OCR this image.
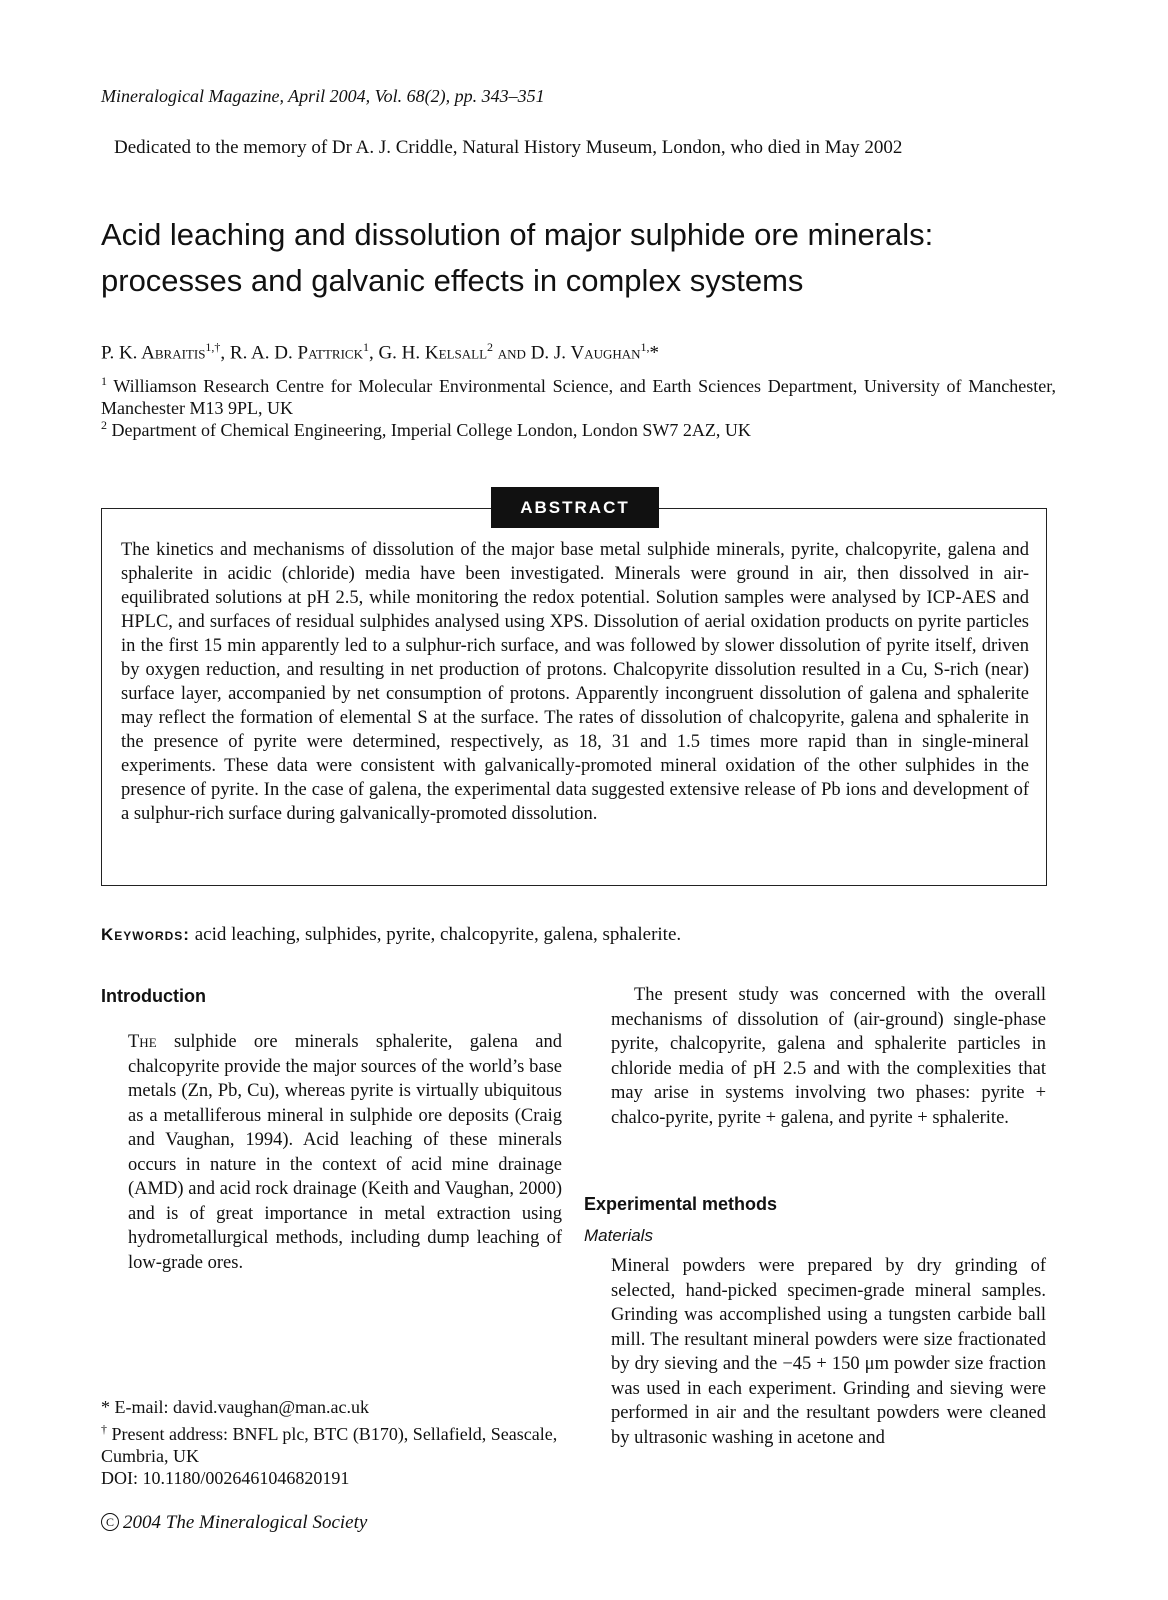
Mineralogical Magazine, April 2004, Vol. 68(2), pp. 343–351
Dedicated to the memory of Dr A. J. Criddle, Natural History Museum, London, who died in May 2002
Acid leaching and dissolution of major sulphide ore minerals:
processes and galvanic effects in complex systems
P. K. Abraitis$^{1,\dagger}$, R. A. D. Pattrick$^1$, G. H. Kelsall$^2$ and D. J. Vaughan$^{1,}$*
$^1$ Williamson Research Centre for Molecular Environmental Science, and Earth Sciences Department, University of Manchester, Manchester M13 9PL, UK
$^2$ Department of Chemical Engineering, Imperial College London, London SW7 2AZ, UK
ABSTRACT
The kinetics and mechanisms of dissolution of the major base metal sulphide minerals, pyrite, chalcopyrite, galena and sphalerite in acidic (chloride) media have been investigated. Minerals were ground in air, then dissolved in air-equilibrated solutions at pH 2.5, while monitoring the redox potential. Solution samples were analysed by ICP-AES and HPLC, and surfaces of residual sulphides analysed using XPS. Dissolution of aerial oxidation products on pyrite particles in the first 15 min apparently led to a sulphur-rich surface, and was followed by slower dissolution of pyrite itself, driven by oxygen reduction, and resulting in net production of protons. Chalcopyrite dissolution resulted in a Cu, S-rich (near) surface layer, accompanied by net consumption of protons. Apparently incongruent dissolution of galena and sphalerite may reflect the formation of elemental S at the surface. The rates of dissolution of chalcopyrite, galena and sphalerite in the presence of pyrite were determined, respectively, as 18, 31 and 1.5 times more rapid than in single-mineral experiments. These data were consistent with galvanically-promoted mineral oxidation of the other sulphides in the presence of pyrite. In the case of galena, the experimental data suggested extensive release of Pb ions and development of a sulphur-rich surface during galvanically-promoted dissolution.
Keywords: acid leaching, sulphides, pyrite, chalcopyrite, galena, sphalerite.
Introduction
The sulphide ore minerals sphalerite, galena and chalcopyrite provide the major sources of the world’s base metals (Zn, Pb, Cu), whereas pyrite is virtually ubiquitous as a metalliferous mineral in sulphide ore deposits (Craig and Vaughan, 1994). Acid leaching of these minerals occurs in nature in the context of acid mine drainage (AMD) and acid rock drainage (Keith and Vaughan, 2000) and is of great importance in metal extraction using hydrometallurgical methods, including dump leaching of low-grade ores.
* E-mail: david.vaughan@man.ac.uk
† Present address: BNFL plc, BTC (B170), Sellafield, Seascale, Cumbria, UK
DOI: 10.1180/0026461046820191
The present study was concerned with the overall mechanisms of dissolution of (air-ground) single-phase pyrite, chalcopyrite, galena and sphalerite particles in chloride media of pH 2.5 and with the complexities that may arise in systems involving two phases: pyrite + chalco-pyrite, pyrite + galena, and pyrite + sphalerite.
Experimental methods
Materials
Mineral powders were prepared by dry grinding of selected, hand-picked specimen-grade mineral samples. Grinding was accomplished using a tungsten carbide ball mill. The resultant mineral powders were size fractionated by dry sieving and the −45 + 150 μm powder size fraction was used in each experiment. Grinding and sieving were performed in air and the resultant powders were cleaned by ultrasonic washing in acetone and
C 2004 The Mineralogical Society
